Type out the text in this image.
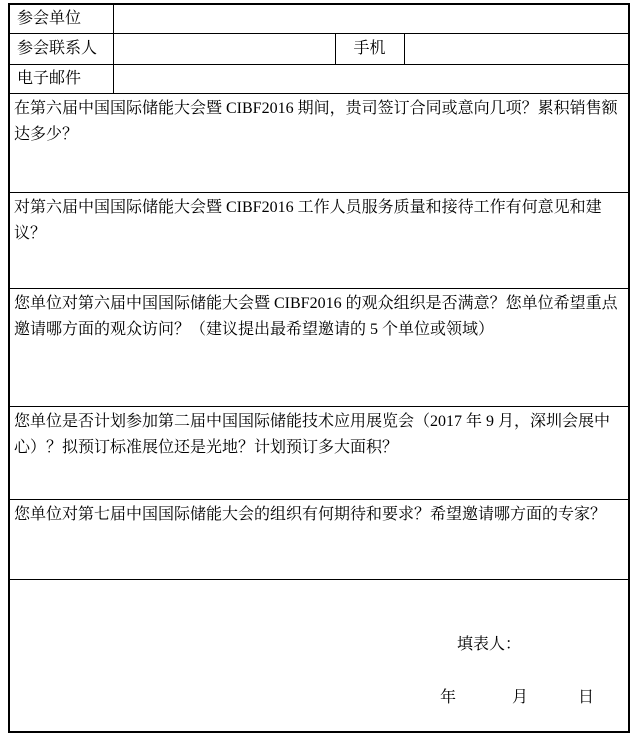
参会单位			
参会联系人		手机	
电子邮件			
在第六届中国国际储能大会暨 CIBF2016 期间，贵司签订合同或意向几项？累积销售额达多少？			
对第六届中国国际储能大会暨 CIBF2016 工作人员服务质量和接待工作有何意见和建议？			
您单位对第六届中国国际储能大会暨 CIBF2016 的观众组织是否满意？您单位希望重点邀请哪方面的观众访问？（建议提出最希望邀请的 5 个单位或领域）			
您单位是否计划参加第二届中国国际储能技术应用展览会（2017 年 9 月，深圳会展中心）？拟预订标准展位还是光地？计划预订多大面积？			
您单位对第七届中国国际储能大会的组织有何期待和要求？希望邀请哪方面的专家？			

填表人：
年 月 日			
